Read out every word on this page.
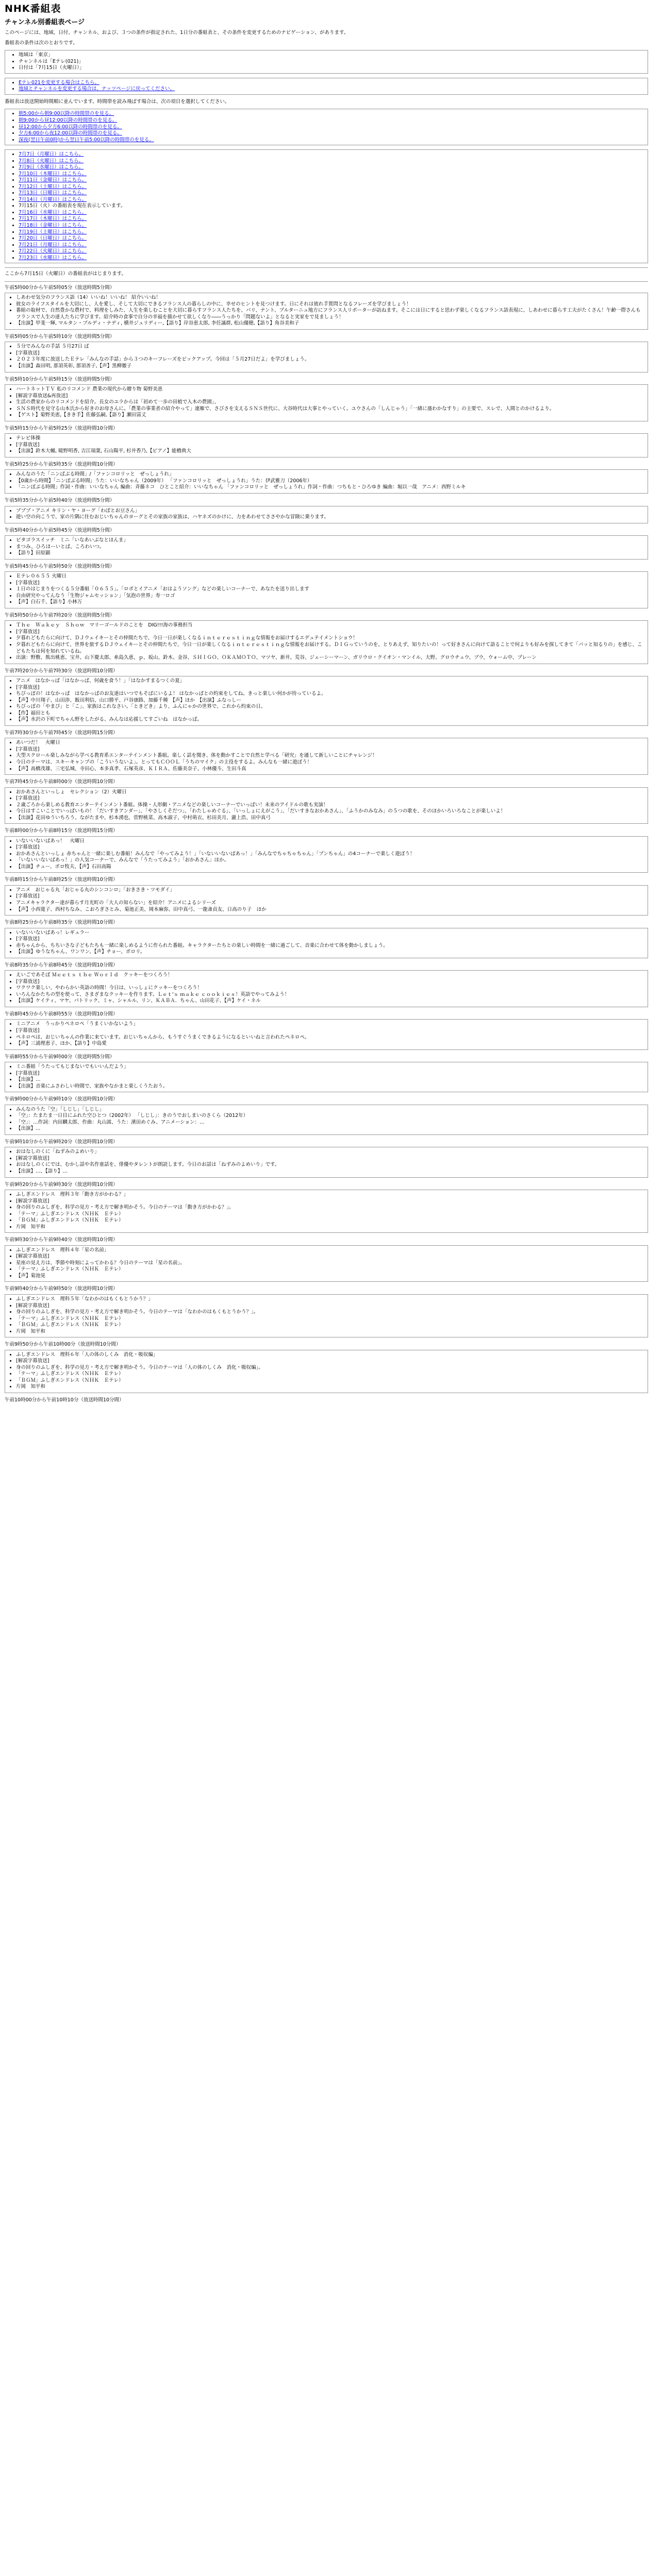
NHK番組表
チャンネル別番組表ページ

このページには、地域、日付、チャンネル、および、３つの条件が指定された、1日分の番組表と、その条件を変更するためのナビゲーション、があります。

番組表の条件は次のとおりです。

• 地域は「東京」
• チャンネルは「Eテレ(021)」
• 日付は「7月15日（火曜日）」
• Eテレ021を変更する場合はこちら。
• 地域とチャンネルを変更する場合は、ナッツページに戻ってください。

番組表は放送開始時間順に並んでいます。時間帯を読み飛ばす場合は、次の項目を選択してください。

• 朝5:00から朝9:00以降の時間帯のを見る。
• 朝9:00から昼12:00以降の時間帯のを見る。
• 昼12:00から夕方6:00以降の時間帯のを見る。
• 夕方6:00から夜12:00以降の時間帯のを見る。
• 深夜(翌日午前0時)から翌日午前5:00以降の時間帯のを見る。
• 7月7日（月曜日）はこちら。
• 7月8日（火曜日）はこちら。
• 7月9日（水曜日）はこちら。
• 7月10日（木曜日）はこちら。
• 7月11日（金曜日）はこちら。
• 7月12日（土曜日）はこちら。
• 7月13日（日曜日）はこちら。
• 7月14日（月曜日）はこちら。
• 7月15日（火）の番組表を現在表示しています。
• 7月16日（水曜日）はこちら。
• 7月17日（木曜日）はこちら。
• 7月18日（金曜日）はこちら。
• 7月19日（土曜日）はこちら。
• 7月20日（日曜日）はこちら。
• 7月21日（月曜日）はこちら。
• 7月22日（火曜日）はこちら。
• 7月23日（水曜日）はこちら。

ここから7月15日（火曜日）の番組表がはじまります。

午前5時00分から午前5時05分（放送時間5分間）
• しあわせ気分のフランス語（14）いいね！いいね！ 紹介いいね！
• 彼女のライフスタイルを大切にし、人を愛し、そして大切にできるフランス人の暮らしの中に、幸せのヒントを見つけます。日にそれは彼れ手質問となるフレーズを学びましょう！
• 番組の取材で、自然豊かな農村で、料理をしみた、人生を楽しむことを大切に暮らすフランス人たちを、パリ、ナント、プルターニュ地方にフランス人リポーターが訪ねます。そこには日にすると思わず楽しくなるフランス語表現に、しあわせに暮らす工夫がたくさん！午齢一際さんもフランスで人生の達人たちに学びます。紹介時の食事で自分の幸福を描かせて欲しくなり――うっかり「問題ないよ」となると実家をで見ましょう！
• 【出演】甲斐一輝, マルタン・ブルディ・ナディ, 横井ジュリディー,【語り】岸谷恵太郎, 李任議群, 松山優穂,【語り】角谷美和子
午前5時05分から午前5時10分（放送時間5分間）
• ５分でみんなの手話 ５月27日 ば
• [字幕放送]
• ２０２３年度に放送したＥテレ「みんなの手話」から３つのキーフレーズをピックアップ。今回は「５月27日だよ」を学びましょう。
• 【出演】森田明, 那須英彰, 那須善子,【声】黒柳徹子
午前5時10分から午前5時15分（放送時間5分間）
• ハートネットＴＶ 私のリコメンド 農業の現代から贈り物 菊野美恵
• [解説字幕放送&再放送]
• 生活の農家からのリコメンドを紹介。長女のユラからは「初めて一歩の田植で入木の農園」、
• ＳＮＳ時代を見守る山本氏から好きのお母さんに。「農業の事業者の紹介やって」連雁で、さびさを支えるＳＮＳ世代に、大谷時代は大事とやっていく。ユウさんの「しんじゃう」「一緒に盛わかなすり」の主要で、スレで、人間とのかけるより。
• 【ゲスト】菊野美恵,【きき手】佐藤弘嗣,【語り】瀬田富丈
午前5時15分から午前5時25分（放送時間10分間）
• テレビ体操
• [字幕放送]
• 【出演】鈴木大輔, 暖野明香, 吉江瑞葉, 石山陽平, 杉井香乃,【ピアノ】能櫓典大
午前5時25分から午前5時35分（放送時間10分間）
• みんなのうた「ニンぱぶる時間」/「ファンコロリッと　ぜっしょうれ」
• 【0歳から時間】「ニンぽぶる時間」うた：いいなちゃん（2009年） 「ファンコロリッと　ぜっしょうれ」うた：伊武雅刀（2006年）
• 「ニンぽぶる時間」作詞・作曲：いいなちゃん 編曲：斉藤ネコ　ひとこと紹介：いいなちゃん 「ファンコロリッと　ぜっしょうれ」作詞・作曲：つちもと・ひろゆき 編曲：堀以一哉　アニメ：西野ミルキ
午前5時35分から午前5時40分（放送時間5分間）
• ブブブ・アニメ キリン・ヤ・ヨーグ「わぼとお豆さん」
• 遊い空の向こうで、家の片隅に住むおじいちゃんのヨーグとその家族の家族は、ハヤネズのかけに、力をあわせてささやかな冒険に乗ります。
午前5時40分から午前5時45分（放送時間5分間）
• ビタゴラスイッチ　ミニ「いなあいぶなとほんま」
• まつみ、ひろほーいとば、ころわいつ。
• 【語り】田原顕
午前5時45分から午前5時50分（放送時間5分間）
• Ｅテレ０６５５ 火曜日
• [字幕放送]
• １日のはじまりをつくる５分番組「０６５５」。「ロボとイアニメ「おはようソング」などの楽しいコーナーで、あなたを送り出します
• 自由研究やってんなう「生物ジャムセッション」「気泡の世界」寿一ロゴ
• 【声】白石千、【語り】小林万
午前5時50分から午前7時20分（放送時間5分間）
• Ｔｈｅ　Ｗａｋｅｙ　Ｓｈｏｗ　マリーゴールドのことを　DIG!!!海の事務担当
• [字幕放送]
• 夕暮れどもたらに向けて、ＤＪウェイキーとその仲間たちで、今日一日が楽しくなるｉｎｔｅｒｅｓｔｉｎｇな情報をお届けするエデュテイメントショウ！
• 夕暮れどもたらに向けて、世界を旅するＤＪウェイキーとその仲間たちで、今日一日が楽しくなるｉｎｔｅｒｅｓｔｉｎｇな情報をお届けする。ＤＩＧっていうのを、とりあえず、知りたいの！って好きさんに向けて語ることで何よりも好みを探してきて「パッと知るりの」を感じ、こどもたちは何を知れているね。
• 出演：野敷、熊出桃恵、宝井、山下慶太郎、糸島久恵、ｐ、坂山、鈴木、金谷、ＳＨＩＧＯ、ＯＫＡＭＯＴＯ、マツヤ、新井、荒谷、ジェーシーマーン、ガリウロ・クイオン・マンイル、大野、グロウチュウ、ブウ、ウォーム中、プレーン
午前7時20分から午前7時30分（放送時間10分間）
• アニメ　はなかっぱ「はなかっぱ、何歳を食う！」「はなかすまるつくの夏」
• [字幕放送]
• ちびっぽの！はなかっぱ　はなかっぱのお友達はいつでもそばにいるよ！ はなかっぱとの約束をしてね。きっと楽しい何かが待っているよ。
• 【声】中川翔子、山田渉、飯田利信、山口勝平、戸谷康路、加藤千種　【声】ほか　【出演】ふなっしー
• ちびっぽの「やまび」と「こ」、家族はこれなさい。「ときどき」より、ふんにゃかの世界で、これから約束の日。
• 【作】福田とも
• 【声】水沢の下町でちゃん野をしたがる、みんなは応援してすごいね　はなかっぱ。
午前7時30分から午前7時45分（放送時間15分間）
• あいつだ！　火曜日
• [字幕放送]
• 大型スクロール楽しみながら学べる教育系エンターテインメント番組。楽しく話を聞き、体を動かすことで自然と学べる「研究」を通して新しいことにチャレンジ！
• 今日のテーマは、スキーキャンプの「こういうないよ」。とってもＣＯＯＬ「うちのマイク」の主役をするよ。みんなも一緒に遊ぼう！
• 【声】高橋茂雄、三宅弘城、寺田心、本多真孝、石塚英彦、ＫＩＲＡ、佐藤美奈子、小林優斗、生田斗真
午前7時45分から午前8時00分（放送時間10分間）
• おかあさんといっしょ　セレクション（2）火曜日
• [字幕放送]
• ２歳ごろから楽しめる教育エンターテインメント番組。体操・人形劇・アニメなどの楽しいコーナーでいっぱい！未来のアイドルの歌も実演！
• 今日はすこいことでいっぱいもの！「だいすきアンダー」、「やさしくそだつ」、「わたしゃめぐる」、「いっしょにえがこう」、「だいすきなおかあさん」、「ふうかのみなみ」の５つの歌を、そのほかいろいろなことが楽しいよ！
• 【出演】花田ゆういちろう、ながたまや、杉本湧也、菅野桃菜、高木淑子、中村萌衣、杉田美月、瀧上浩、田中真弓
午前8時00分から午前8時15分（放送時間15分間）
• いないいないばあっ！　火曜日
• [字幕放送]
• おかあさんといっしょ 赤ちゃんと一緒に楽しむ番組！みんなで「やってみよう！」「いないいないばあっ！」「みんなでちゃちゃちゃん」「プンちゃん」の4コーナーで楽しく遊ぼう！
• 「いないいないばあっ！」の人気コーナーで、みんなで「うたってみよう」「おかあさん」ほか。
• 【出演】チュー、ポロ牧夫、【声】石田高陽
午前8時15分から午前8時25分（放送時間10分間）
• アニメ　おじゃる丸「おじゃる丸のシンコンロ」「おきさき・ツモダイ」
• [字幕放送]
• アニメキャラクター達が暮らす月光町の「大人の知らない」を紹介！アニメによるシリーズ
• 【声】小西寛子、西村ちなみ、こおろぎさとみ、菊池正美、岡本麻弥、田中真弓、一龍斎貞友、日高のり子　ほか
午前8時25分から午前8時35分（放送時間10分間）
• いないいないばあっ！レギュラー
• [字幕放送]
• 赤ちゃんから、ちちいさな子どもたちも一緒に楽しめるように作られた番組。キャラクターたちとの楽しい時間を一緒に過ごして、音楽に合わせて体を動かしましょう。
• 【出演】ゆうなちゃん、ワンワン、【声】チョー、ポロリ。
午前8時35分から午前8時45分（放送時間10分間）
• えいごであそぼ Ｍｅｅｔｓ ｔｈｅ Ｗｏｒｌｄ　クッキーをつくろう！
• [字幕放送]
• ワクワク楽しい、やわらかい英語の時間！今日は、いっしょにクッキーをつくろう！
• いろんなかたちの型を使って、さまざまなクッキーを作ります。Ｌｅｔ'ｓ ｍａｋｅ ｃｏｏｋｉｅｓ！英語でやってみよう！
• 【出演】ケイティ、マヤ、パトリック、ミャ、シャルル、リン、ＫＡＢＡ．ちゃん、山田花子、【声】ケイ・ネル
午前8時45分から午前8時55分（放送時間10分間）
• ミニアニメ　うっかりペネロペ「うまくいかないよう」
• [字幕放送]
• ペネロペは、おじいちゃんの作業に来ています。おじいちゃんから、もうすぐうまくできるようになるといいねと言われたペネロペ。
• 【声】三浦理恵子、ほか、【語り】中島愛
午前8時55分から午前9時00分（放送時間5分間）
• ミニ番組「うたってもじまないでもいいんだよう」
• [字幕放送]
• 【出演】…
• 【出演】音楽にふさわしい時間で、家族やなかまと楽しくうたおう。
午前9時00分から午前9時10分（放送時間10分間）
• みんなのうた「空」「しじし」「しじし」
• 「空」：たまたま一日目にふれた空ひとつ（2002年） 「しじし」：きのうでおしまいのさくら（2012年）
• 「空」：…作詞：内田麟太郎、作曲：丸山嵩、うた：濱田めぐみ、アニメーション：…
• 【出演】…
午前9時10分から午前9時20分（放送時間10分間）
• おはなしのくに「ねずみのよめいり」
• [解説字幕放送]
• おはなしのくにでは、むかし話や名作童話を、俳優やタレントが朗読します。今日のお話は「ねずみのよめいり」です。
• 【出演】…、【語り】…
午前9時20分から午前9時30分（放送時間10分間）
• ふしぎエンドレス　理科３年「動き方がかわる？」
• [解説字幕放送]
• 身の回りのふしぎを、科学の見方・考え方で解き明かそう。今日のテーマは「動き方がかわる？」。
• 「テーマ」ふしぎエンドレス（ＮＨＫ　Ｅテレ）
• 「ＢＧＭ」ふしぎエンドレス（ＮＨＫ　Ｅテレ）
• 片岡　知平和
午前9時30分から午前9時40分（放送時間10分間）
• ふしぎエンドレス　理科４年「星の名前」
• [解説字幕放送]
• 星座の見え方は、季節や時刻によってかわる？今日のテーマは「星の名前」。
• 「テーマ」ふしぎエンドレス（ＮＨＫ　Ｅテレ）
• 【声】菊池晃
午前9時40分から午前9時50分（放送時間10分間）
• ふしぎエンドレス　理科５年「なわかのはもくもとうかう？」
• [解説字幕放送]
• 身の回りのふしぎを、科学の見方・考え方で解き明かそう。今日のテーマは「なわかのはもくもとうかう？」。
• 「テーマ」ふしぎエンドレス（ＮＨＫ　Ｅテレ）
• 「ＢＧＭ」ふしぎエンドレス（ＮＨＫ　Ｅテレ）
• 片岡　知平和
午前9時50分から午前10時00分（放送時間10分間）
• ふしぎエンドレス　理科６年「人の体のしくみ　消化・吸収編」
• [解説字幕放送]
• 身の回りのふしぎを、科学の見方・考え方で解き明かそう。今日のテーマは「人の体のしくみ　消化・吸収編」。
• 「テーマ」ふしぎエンドレス（ＮＨＫ　Ｅテレ）
• 「ＢＧＭ」ふしぎエンドレス（ＮＨＫ　Ｅテレ）
• 片岡　知平和
午前10時00分から午前10時10分（放送時間10分間）
